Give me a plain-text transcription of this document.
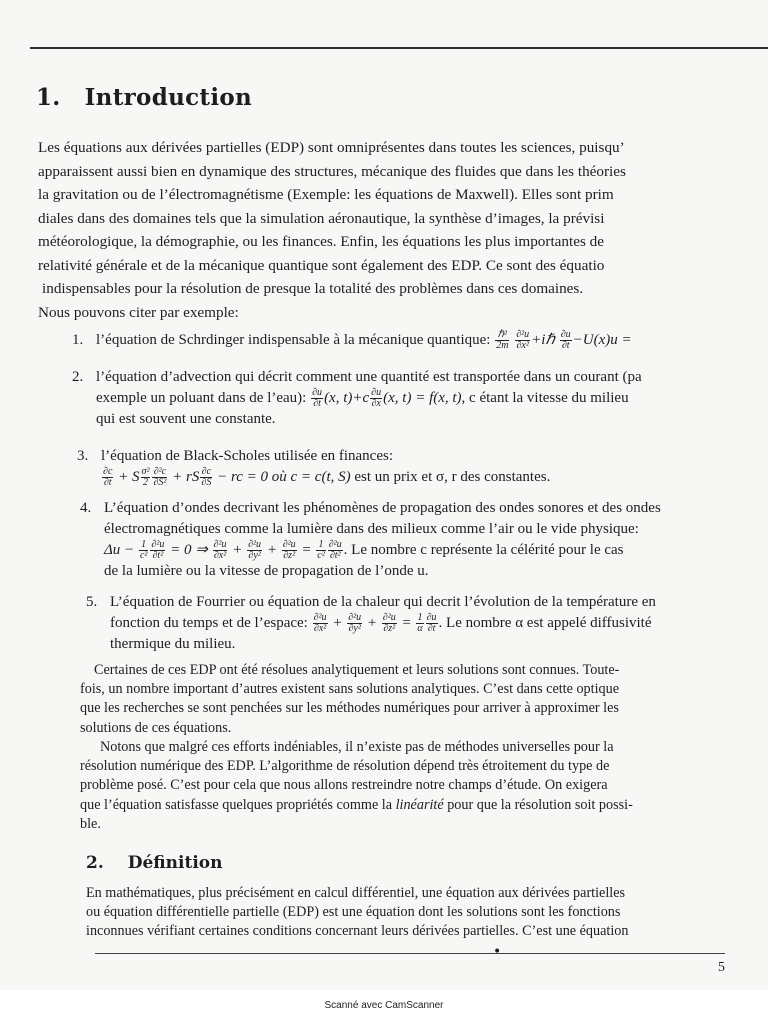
1. Introduction
Les équations aux dérivées partielles (EDP) sont omniprésentes dans toutes les sciences, puisqu’
apparaissent aussi bien en dynamique des structures, mécanique des fluides que dans les théories
la gravitation ou de l’électromagnétisme (Exemple: les équations de Maxwell). Elles sont prim
diales dans des domaines tels que la simulation aéronautique, la synthèse d’images, la prévisi
météorologique, la démographie, ou les finances. Enfin, les équations les plus importantes de
relativité générale et de la mécanique quantique sont également des EDP. Ce sont des équatio
indispensables pour la résolution de presque la totalité des problèmes dans ces domaines.
Nous pouvons citer par exemple:
1. l’équation de Schrdinger indispensable à la mécanique quantique: $\frac{\text{ℏ²}}{2m}$
$\frac{\text{∂²u}}{\text{∂x²}}$ +iℏ $\frac{\partial u}{\partial t} -U(x)u$ =
2. l’équation d’advection qui décrit comment une quantité est transportée dans un courant (pa
exemple un poluant dans de l’eau): $\frac{\partial u}{\partial t} (x$, $t)+c \frac{\partial u}{\partial x} (x$, t) = f(x, t), c étant la vitesse du milieu
qui est souvent une constante.
3. l’équation de Black-Scholes utilisée en finances:
$\frac{\partial c}{\partial t} + S \frac{\text{σ²}}{2} \frac{\text{∂²c}}{\text{∂S²}}$ + rS $\frac{\partial c}{\partial S}$ − rc = 0 où c = c(t, S) est un prix et σ, r des constantes.
4. L’équation d’ondes decrivant les phénomènes de propagation des ondes sonores et des ondes
électromagnétiques comme la lumière dans des milieux comme l’air ou le vide physique:
$\Delta u - \frac{1}{\text{c²}} \frac{\text{∂²u}}{\text{∂t²}} = 0$ ⇒ $\frac{\text{∂²u}}{\text{∂x²}} + \frac{\text{∂²u}}{\text{∂y²}} + \frac{\text{∂²u}}{\text{∂z²}} = \frac{1}{\text{c²}} \frac{\text{∂²u}}{\text{∂t²}}$ . Le nombre c représente la célérité pour le cas
de la lumière ou la vitesse de propagation de l’onde u.
5. L’équation de Fourrier ou équation de la chaleur qui decrit l’évolution de la température en
fonction du temps et de l’espace: $\frac{\text{∂²u}}{\text{∂x²}} + \frac{\text{∂²u}}{\text{∂y²}} + \frac{\text{∂²u}}{\text{∂z²}} = \frac{1}{\alpha} \frac{\partial u}{\partial t}$ . Le nombre α est appelé diffusivité
thermique du milieu.
Certaines de ces EDP ont été résolues analytiquement et leurs solutions sont connues. Toute-
fois, un nombre important d’autres existent sans solutions analytiques. C’est dans cette optique
que les recherches se sont penchées sur les méthodes numériques pour arriver à approximer les
solutions de ces équations.
Notons que malgré ces efforts indéniables, il n’existe pas de méthodes universelles pour la
résolution numérique des EDP. L’algorithme de résolution dépend très étroitement du type de
problème posé. C’est pour cela que nous allons restreindre notre champs d’étude. On exigera
que l’équation satisfasse quelques propriétés comme la linéarité pour que la résolution soit possi-
ble.
2. Définition
En mathématiques, plus précisément en calcul différentiel, une équation aux dérivées partielles
ou équation différentielle partielle (EDP) est une équation dont les solutions sont les fonctions
inconnues vérifiant certaines conditions concernant leurs dérivées partielles. C’est une équation
•
5
Scanné avec CamScanner
